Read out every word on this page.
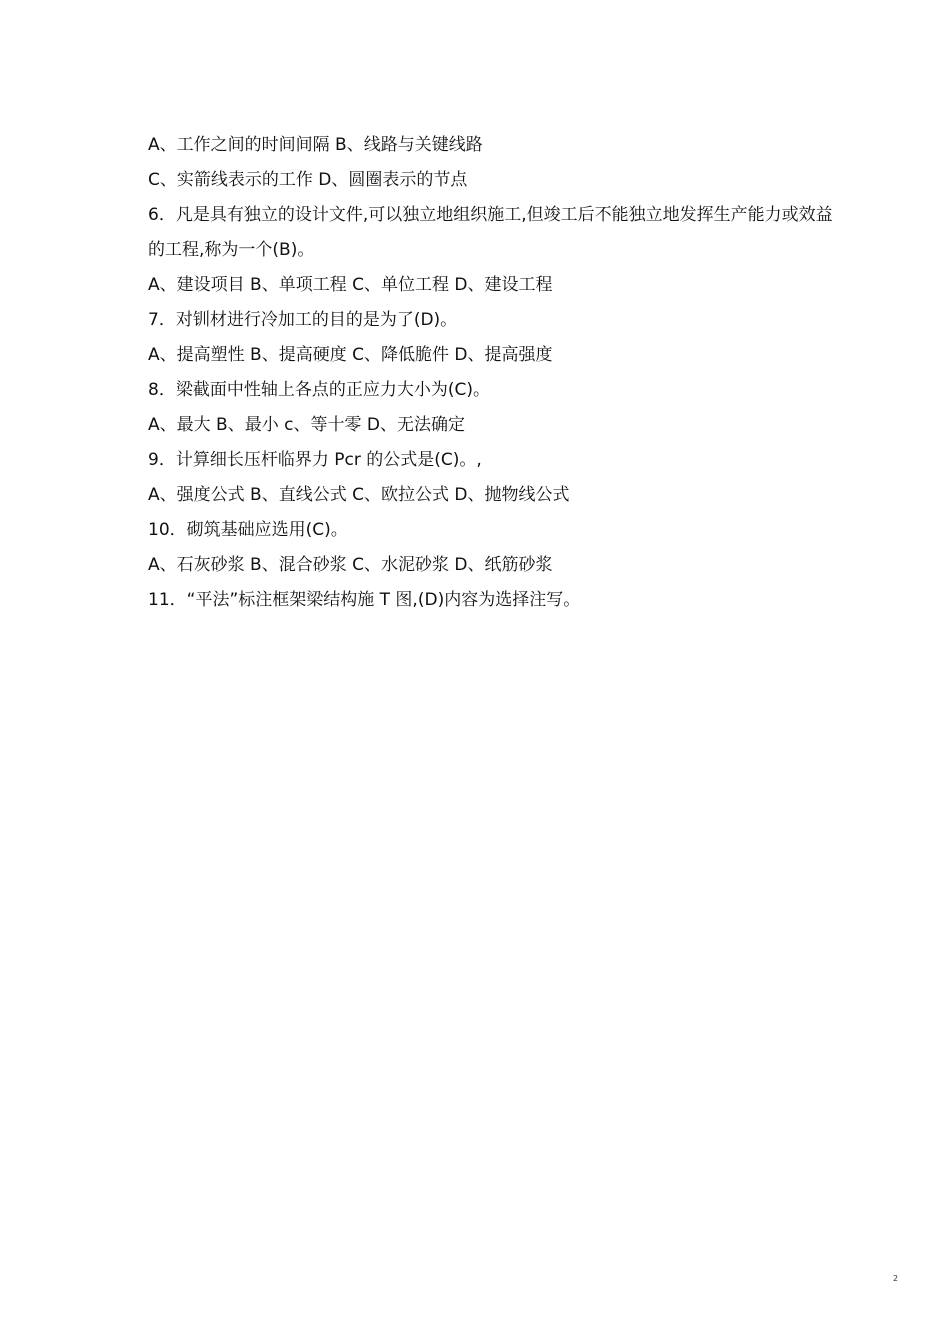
A、工作之间的时间间隔 B、线路与关键线路
C、实箭线表示的工作 D、圆圈表示的节点
6．凡是具有独立的设计文件,可以独立地组织施工,但竣工后不能独立地发挥生产能力或效益
的工程,称为一个(B)。
A、建设项目 B、单项工程 C、单位工程 D、建设工程
7．对钏材进行冷加工的目的是为了(D)。
A、提高塑性 B、提高硬度 C、降低脆件 D、提高强度
8．梁截面中性轴上各点的正应力大小为(C)。
A、最大 B、最小 c、等十零 D、无法确定
9．计算细长压杆临界力 Pcr 的公式是(C)。,
A、强度公式 B、直线公式 C、欧拉公式 D、抛物线公式
10．砌筑基础应选用(C)。
A、石灰砂浆 B、混合砂浆 C、水泥砂浆 D、纸筋砂浆
11．“平法”标注框架梁结构施 T 图,(D)内容为选择注写。
2
